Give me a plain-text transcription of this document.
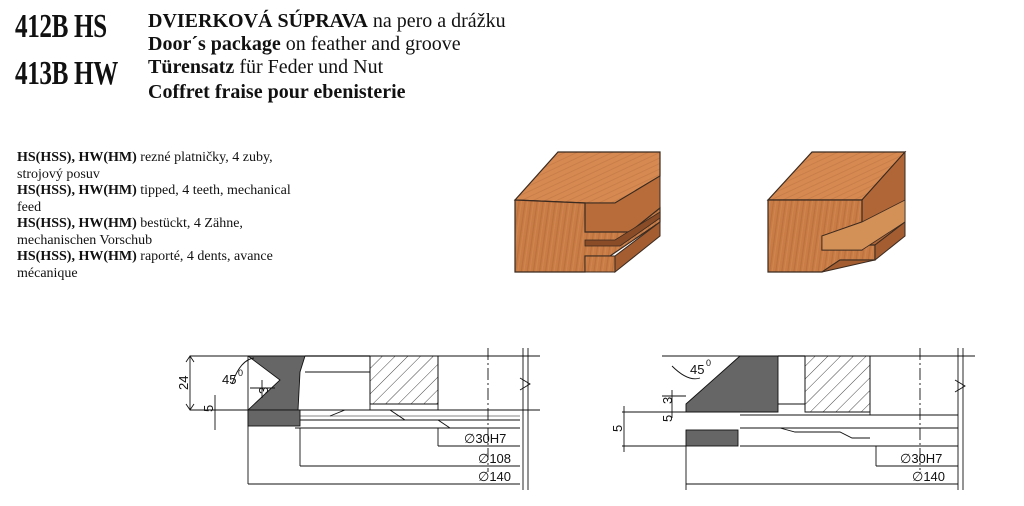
412B HS
413B HW
DVIERKOVÁ SÚPRAVA na pero a drážku
Door´s package on feather and groove
Türensatz für Feder und Nut
Coffret fraise pour ebenisterie
HS(HSS), HW(HM) rezné platničky, 4 zuby,
strojový posuv
HS(HSS), HW(HM) tipped, 4 teeth, mechanical
feed
HS(HSS), HW(HM) bestückt, 4 Zähne,
mechanischen Vorschub
HS(HSS), HW(HM) raporté, 4 dents, avance
mécanique
24 45 0
3
5
∅30H7
∅108
∅140
45 0
3
5
5
∅30H7
∅140
